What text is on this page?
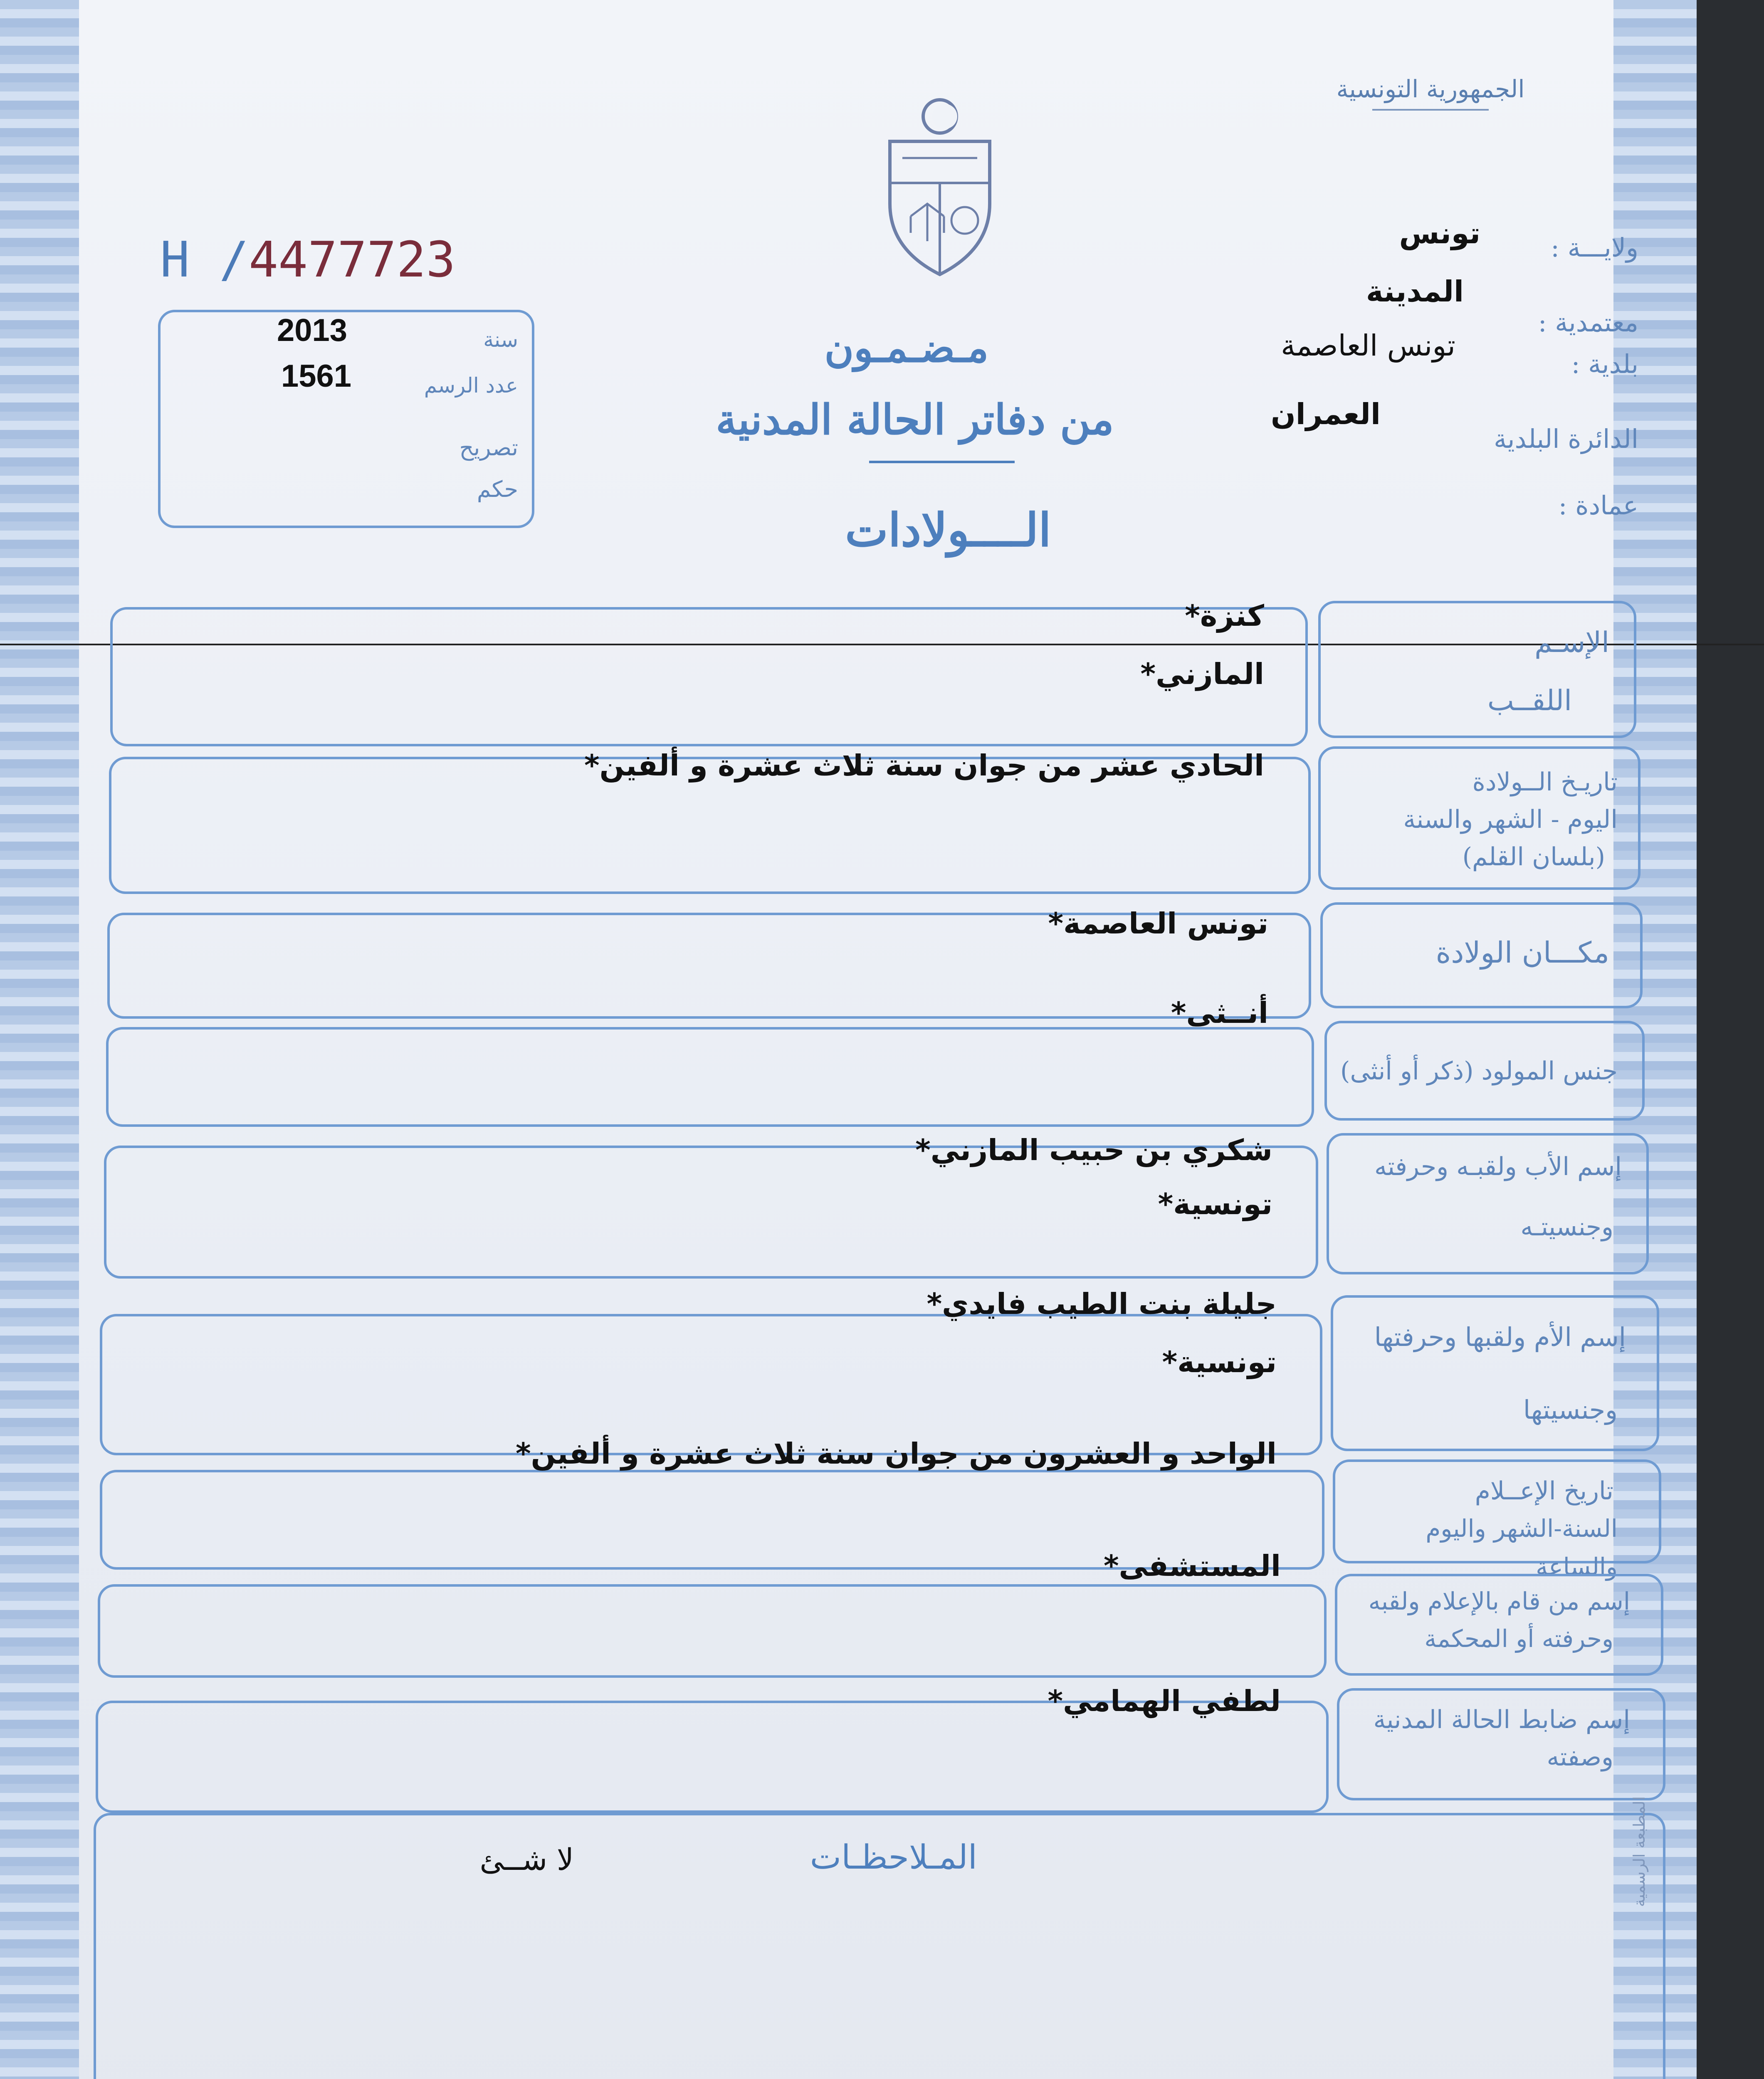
الجمهورية التونسية
ولايـــة :
تونس
المدينة
معتمدية :
بلدية :
تونس العاصمة
العمران
الدائرة البلدية
عمادة :
H /4477723
سنة
2013
عدد الرسم
1561
تصريح
حكم
مـضـمـون
من دفاتر الحالة المدنية
الــــولادات
الإسـم
اللقــب
كنزة*
المازني*
تاريـخ الــولادة
اليوم - الشهر والسنة
(بلسان القلم)
الحادي عشر من جوان سنة ثلاث عشرة و ألفين*
مكـــان الولادة
تونس العاصمة*
جنس المولود (ذكر أو أنثى)
أنــثى*
إسم الأب ولقبـه وحرفته
وجنسيتـه
شكري بن حبيب المازني*
تونسية*
إسم الأم ولقبها وحرفتها
وجنسيتها
جليلة بنت الطيب فايدي*
تونسية*
تاريخ الإعــلام
السنة-الشهر واليوم والساعة
الواحد و العشرون من جوان سنة ثلاث عشرة و ألفين*
إسم من قام بالإعلام ولقبه
وحرفته أو المحكمة
المستشفى*
إسم ضابط الحالة المدنية
وصفته
لطفي الهمامي*
المـلاحظـات
لا شــئ	المطبعة الرسمية
